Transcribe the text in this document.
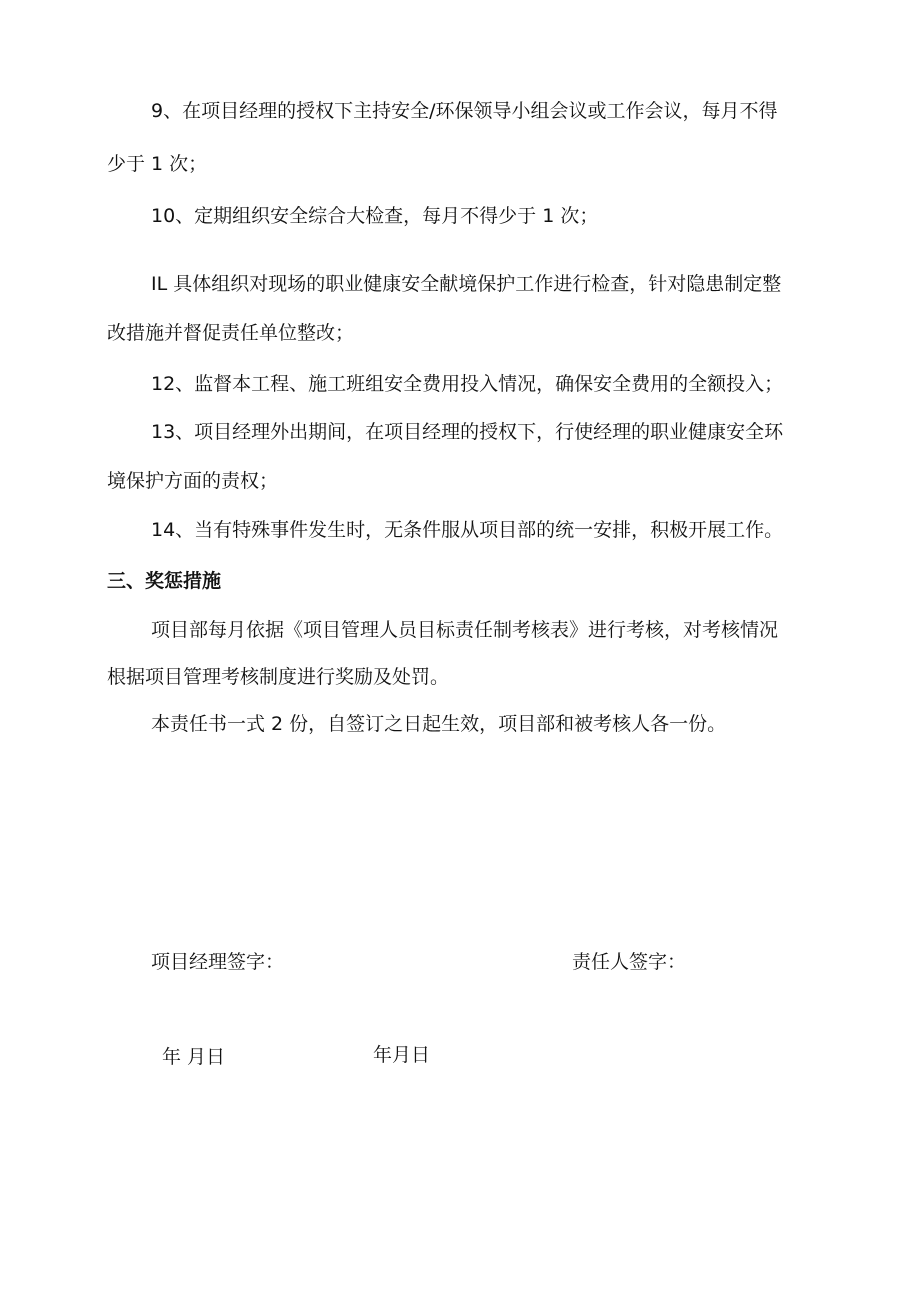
9、在项目经理的授权下主持安全/环保领导小组会议或工作会议，每月不得
少于 1 次；
10、定期组织安全综合大检查，每月不得少于 1 次；
IL 具体组织对现场的职业健康安全献境保护工作进行检查，针对隐患制定整
改措施并督促责任单位整改；
12、监督本工程、施工班组安全费用投入情况，确保安全费用的全额投入；
13、项目经理外出期间，在项目经理的授权下，行使经理的职业健康安全环
境保护方面的责权；
14、当有特殊事件发生时，无条件服从项目部的统一安排，积极开展工作。
三、奖惩措施
项目部每月依据《项目管理人员目标责任制考核表》进行考核，对考核情况
根据项目管理考核制度进行奖励及处罚。
本责任书一式 2 份，自签订之日起生效，项目部和被考核人各一份。
项目经理签字：	责任人签字：
年 月日	年月日
